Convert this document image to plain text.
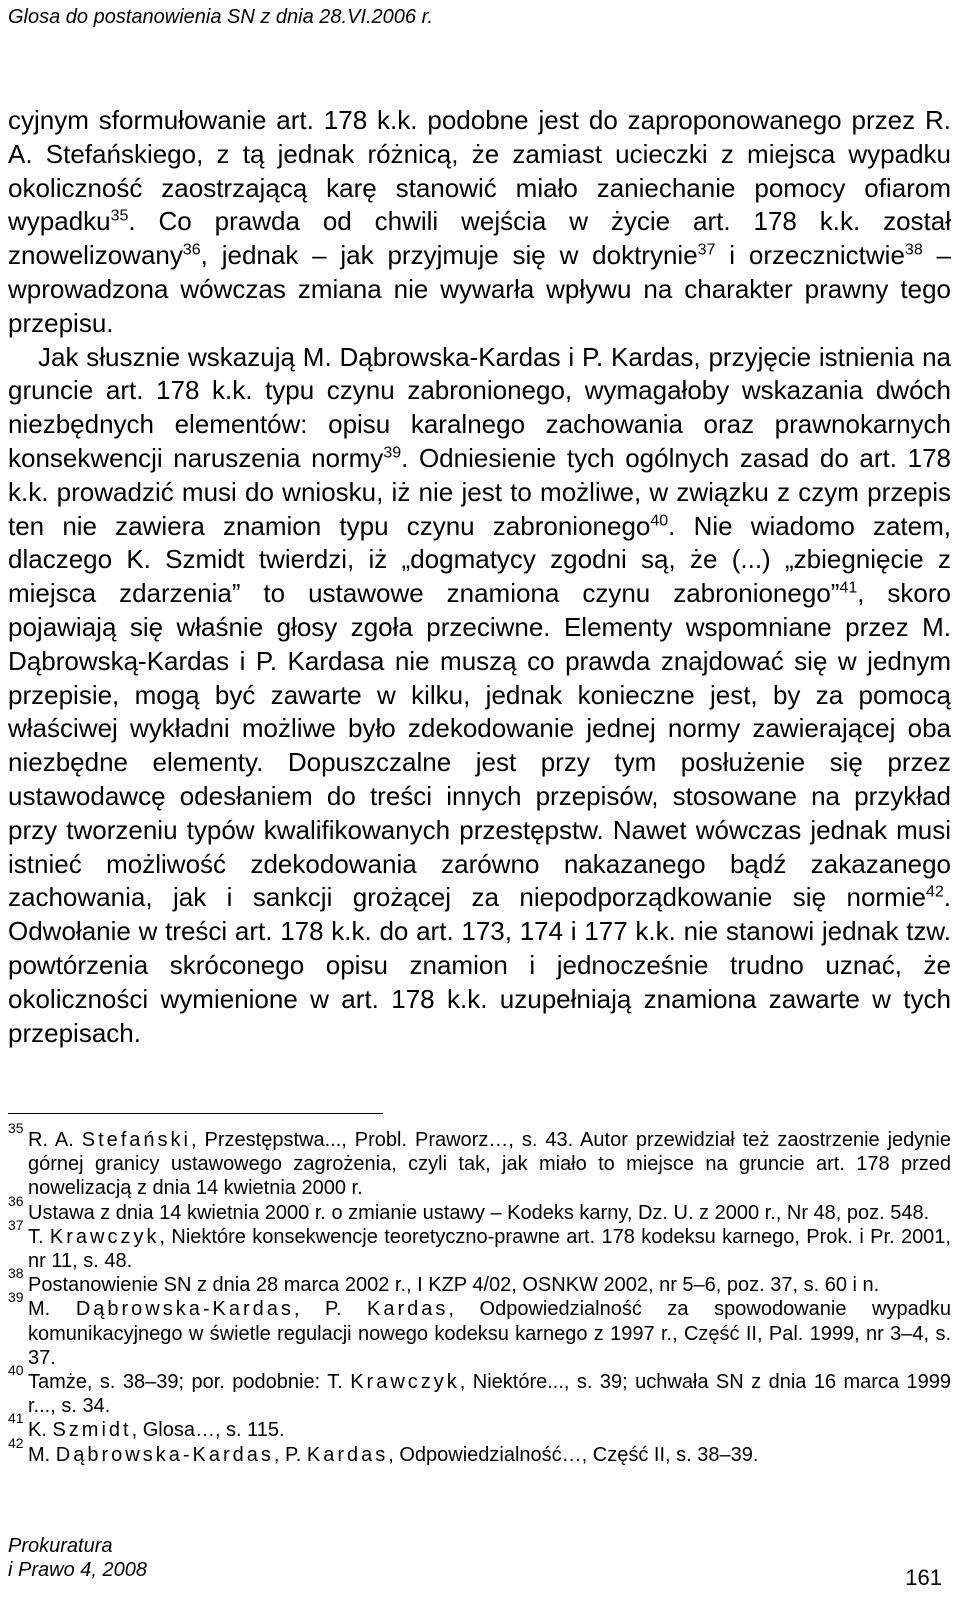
Glosa do postanowienia SN z dnia 28.VI.2006 r.

cyjnym sformułowanie art. 178 k.k. podobne jest do zaproponowanego przez R. A. Stefańskiego, z tą jednak różnicą, że zamiast ucieczki z miejsca wypadku okoliczność zaostrzającą karę stanowić miało zaniechanie pomocy ofiarom wypadku$^{35}$. Co prawda od chwili wejścia w życie art. 178 k.k. został znowelizowany$^{36}$, jednak – jak przyjmuje się w doktrynie$^{37}$ i orzecznictwie$^{38}$ – wprowadzona wówczas zmiana nie wywarła wpływu na charakter prawny tego przepisu.

Jak słusznie wskazują M. Dąbrowska-Kardas i P. Kardas, przyjęcie istnienia na gruncie art. 178 k.k. typu czynu zabronionego, wymagałoby wskazania dwóch niezbędnych elementów: opisu karalnego zachowania oraz prawnokarnych konsekwencji naruszenia normy$^{39}$. Odniesienie tych ogólnych zasad do art. 178 k.k. prowadzić musi do wniosku, iż nie jest to możliwe, w związku z czym przepis ten nie zawiera znamion typu czynu zabronionego$^{40}$. Nie wiadomo zatem, dlaczego K. Szmidt twierdzi, iż „dogmatycy zgodni są, że (...) „zbiegnięcie z miejsca zdarzenia” to ustawowe znamiona czynu zabronionego”$^{41}$, skoro pojawiają się właśnie głosy zgoła przeciwne. Elementy wspomniane przez M. Dąbrowską-Kardas i P. Kardasa nie muszą co prawda znajdować się w jednym przepisie, mogą być zawarte w kilku, jednak konieczne jest, by za pomocą właściwej wykładni możliwe było zdekodowanie jednej normy zawierającej oba niezbędne elementy. Dopuszczalne jest przy tym posłużenie się przez ustawodawcę odesłaniem do treści innych przepisów, stosowane na przykład przy tworzeniu typów kwalifikowanych przestępstw. Nawet wówczas jednak musi istnieć możliwość zdekodowania zarówno nakazanego bądź zakazanego zachowania, jak i sankcji grożącej za niepodporządkowanie się normie$^{42}$. Odwołanie w treści art. 178 k.k. do art. 173, 174 i 177 k.k. nie stanowi jednak tzw. powtórzenia skróconego opisu znamion i jednocześnie trudno uznać, że okoliczności wymienione w art. 178 k.k. uzupełniają znamiona zawarte w tych przepisach.

35
R. A. Stefański, Przestępstwa..., Probl. Praworz…, s. 43. Autor przewidział też zaostrzenie jedynie górnej granicy ustawowego zagrożenia, czyli tak, jak miało to miejsce na gruncie art. 178 przed nowelizacją z dnia 14 kwietnia 2000 r.
36
Ustawa z dnia 14 kwietnia 2000 r. o zmianie ustawy – Kodeks karny, Dz. U. z 2000 r., Nr 48, poz. 548.
37
T. Krawczyk, Niektóre konsekwencje teoretyczno-prawne art. 178 kodeksu karnego, Prok. i Pr. 2001, nr 11, s. 48.
38
Postanowienie SN z dnia 28 marca 2002 r., I KZP 4/02, OSNKW 2002, nr 5–6, poz. 37, s. 60 i n.
39
M. Dąbrowska-Kardas, P. Kardas, Odpowiedzialność za spowodowanie wypadku komunikacyjnego w świetle regulacji nowego kodeksu karnego z 1997 r., Część II, Pal. 1999, nr 3–4, s. 37.
40
Tamże, s. 38–39; por. podobnie: T. Krawczyk, Niektóre..., s. 39; uchwała SN z dnia 16 marca 1999 r..., s. 34.
41
K. Szmidt, Glosa…, s. 115.
42
M. Dąbrowska-Kardas, P. Kardas, Odpowiedzialność…, Część II, s. 38–39.
Prokuratura
i Prawo 4, 2008	161
